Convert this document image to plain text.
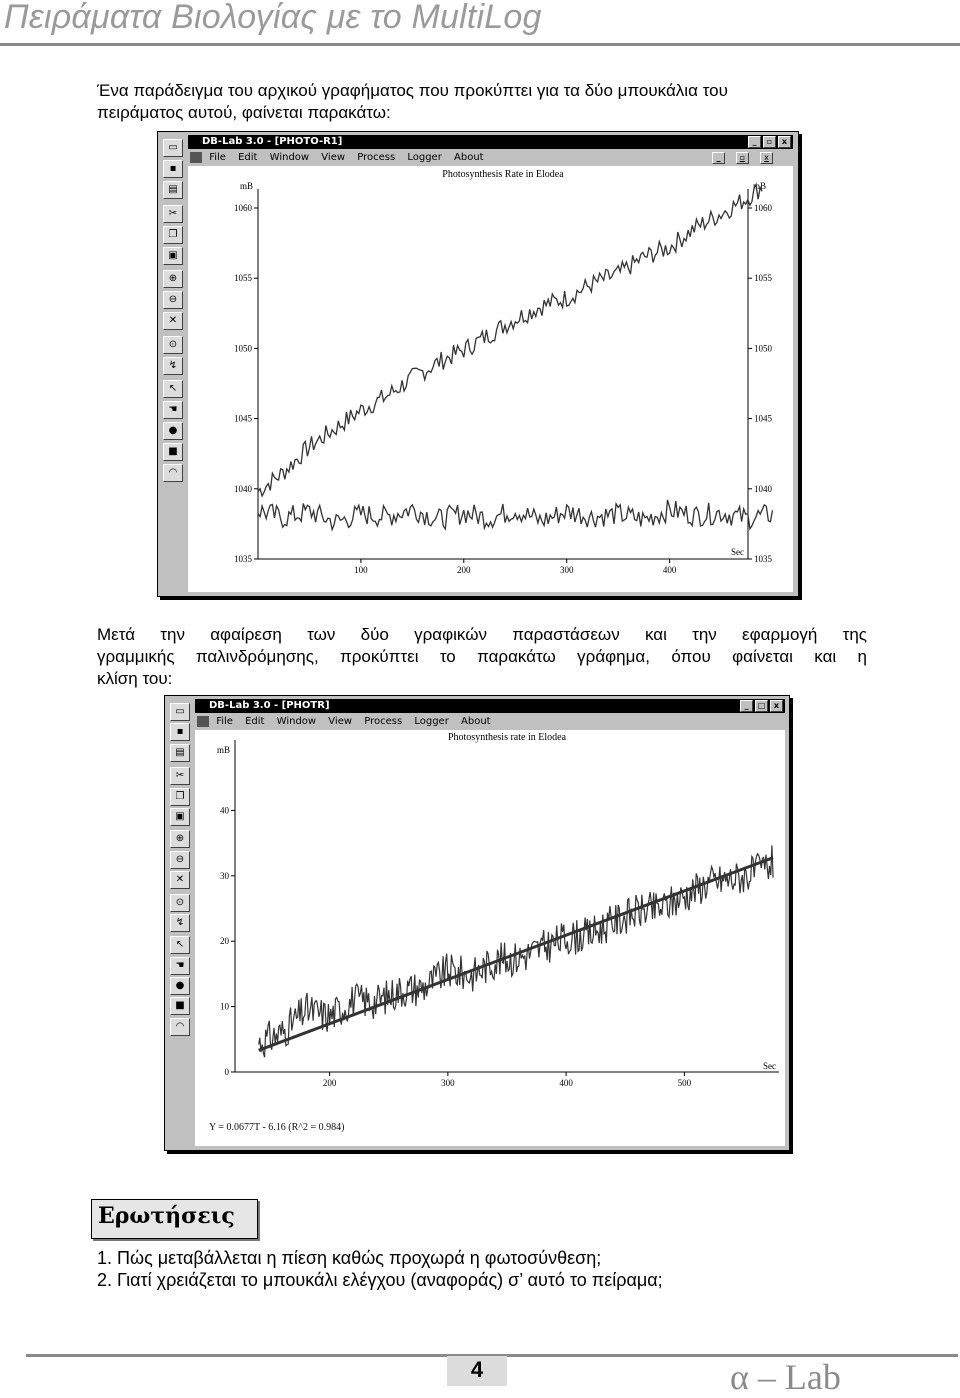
Πειράματα Βιολογίας με το MultiLog
Ένα παράδειγμα του αρχικού γραφήματος που προκύπτει για τα δύο μπουκάλια του
πειράματος αυτού, φαίνεται παρακάτω:
▭
▪
▤
✂
❐
▣
⊕
⊖
✕
⊙
↯
↖
☚
●
■
◠
DB-Lab 3.0 - [PHOTO-R1]	_ ▫ x
File Edit Window View Process Logger About	_ ▫ x
Photosynthesis Rate in Elodea
mB	mB
Sec
1035	1035
1040	1040
1045	1045
1050	1050
1055	1055
1060	1060
100	200	300	400
Μετά την αφαίρεση των δύο γραφικών παραστάσεων και την εφαρμογή της
γραμμικής παλινδρόμησης, προκύπτει το παρακάτω γράφημα, όπου φαίνεται και η
κλίση του:
▭
▪
▤
✂
❐
▣
⊕
⊖
✕
⊙
↯
↖
☚
●
■
◠
DB-Lab 3.0 - [PHOTR]	_ □ x
File Edit Window View Process Logger About
Photosynthesis rate in Elodea
mB
Sec
0
10
20
30
40
200	300	400	500
Y = 0.0677T - 6.16 (R^2 = 0.984)
Ερωτήσεις
1. Πώς μεταβάλλεται η πίεση καθώς προχωρά η φωτοσύνθεση;
2. Γιατί χρειάζεται το μπουκάλι ελέγχου (αναφοράς) σ’ αυτό το πείραμα;
4	α – Lab
